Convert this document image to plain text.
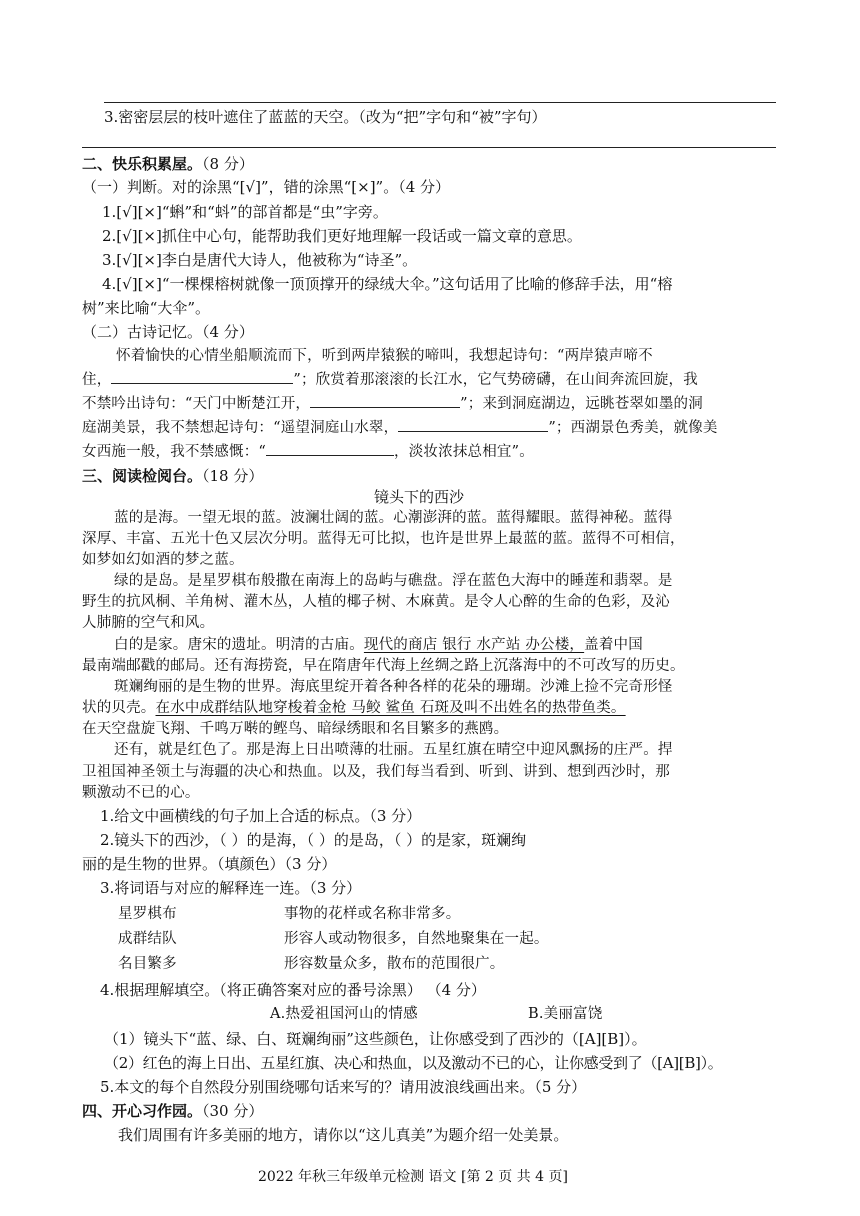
3.密密层层的枝叶遮住了蓝蓝的天空。（改为“把”字句和“被”字句）
二、快乐积累屋。（8 分）
（一）判断。对的涂黑“[√]”，错的涂黑“[×]”。（4 分）
1.[√][×]“蝌”和“蚪”的部首都是“虫”字旁。
2.[√][×]抓住中心句，能帮助我们更好地理解一段话或一篇文章的意思。
3.[√][×]李白是唐代大诗人，他被称为“诗圣”。
4.[√][×]“一棵棵榕树就像一顶顶撑开的绿绒大伞。”这句话用了比喻的修辞手法，用“榕
树”来比喻“大伞”。
（二）古诗记忆。（4 分）
怀着愉快的心情坐船顺流而下，听到两岸猿猴的啼叫，我想起诗句：“两岸猿声啼不
住，	”；欣赏着那滚滚的长江水，它气势磅礴，在山间奔流回旋，我
不禁吟出诗句：“天门中断楚江开，	”；来到洞庭湖边，远眺苍翠如墨的洞
庭湖美景，我不禁想起诗句：“遥望洞庭山水翠，	”；西湖景色秀美，就像美
女西施一般，我不禁感慨：“	，淡妆浓抹总相宜”。
三、阅读检阅台。（18 分）
镜头下的西沙
蓝的是海。一望无垠的蓝。波澜壮阔的蓝。心潮澎湃的蓝。蓝得耀眼。蓝得神秘。蓝得
深厚、丰富、五光十色又层次分明。蓝得无可比拟，也许是世界上最蓝的蓝。蓝得不可相信，
如梦如幻如酒的梦之蓝。
绿的是岛。是星罗棋布般撒在南海上的岛屿与礁盘。浮在蓝色大海中的睡莲和翡翠。是
野生的抗风桐、羊角树、灌木丛，人植的椰子树、木麻黄。是令人心醉的生命的色彩，及沁
人肺腑的空气和风。
白的是家。唐宋的遗址。明清的古庙。现代的商店 银行 水产站 办公楼，盖着中国
最南端邮戳的邮局。还有海捞瓷，早在隋唐年代海上丝绸之路上沉落海中的不可改写的历史。
斑斓绚丽的是生物的世界。海底里绽开着各种各样的花朵的珊瑚。沙滩上捡不完奇形怪
状的贝壳。在水中成群结队地穿梭着金枪 马鲛 鲨鱼 石斑及叫不出姓名的热带鱼类。
在天空盘旋飞翔、千鸣万啭的鲣鸟、暗绿绣眼和名目繁多的燕鸥。
还有，就是红色了。那是海上日出喷薄的壮丽。五星红旗在晴空中迎风飘扬的庄严。捍
卫祖国神圣领土与海疆的决心和热血。以及，我们每当看到、听到、讲到、想到西沙时，那
颗激动不已的心。
1.给文中画横线的句子加上合适的标点。（3 分）
2.镜头下的西沙，（ ）的是海，（ ）的是岛，（ ）的是家，斑斓绚
丽的是生物的世界。（填颜色）（3 分）
3.将词语与对应的解释连一连。（3 分）
星罗棋布	事物的花样或名称非常多。
成群结队	形容人或动物很多，自然地聚集在一起。
名目繁多	形容数量众多，散布的范围很广。
4.根据理解填空。（将正确答案对应的番号涂黑） （4 分）
A.热爱祖国河山的情感	B.美丽富饶
（1）镜头下“蓝、绿、白、斑斓绚丽”这些颜色，让你感受到了西沙的（[A][B]）。
（2）红色的海上日出、五星红旗、决心和热血，以及激动不已的心，让你感受到了（[A][B]）。
5.本文的每个自然段分别围绕哪句话来写的？请用波浪线画出来。（5 分）
四、开心习作园。（30 分）
我们周围有许多美丽的地方，请你以“这儿真美”为题介绍一处美景。
2022 年秋三年级单元检测 语文 [第 2 页 共 4 页]
